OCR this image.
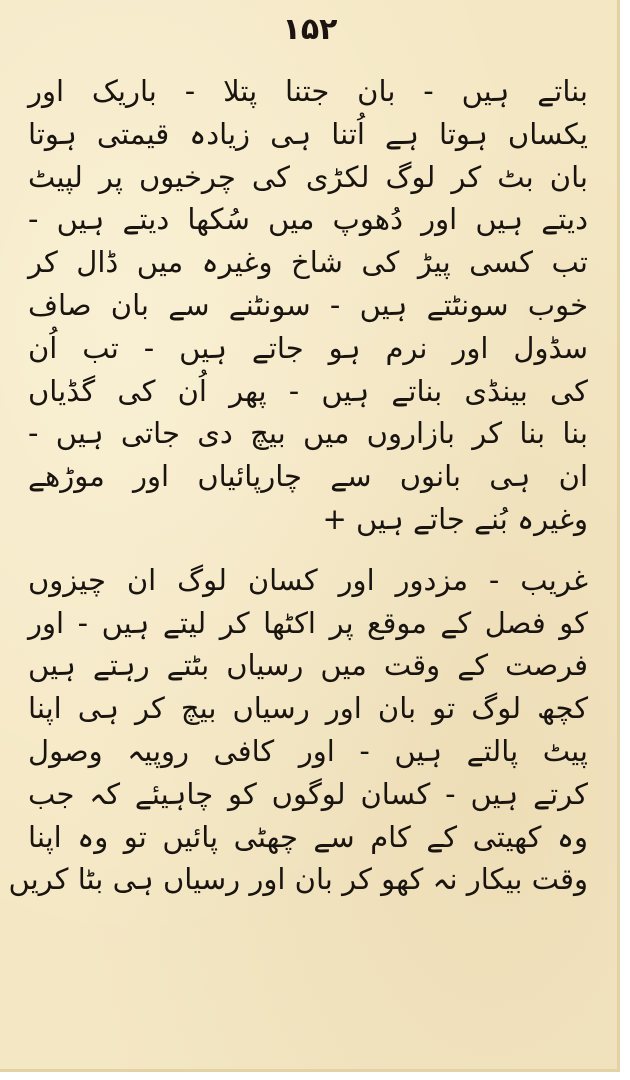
۱۵۲
بناتے ہیں - بان جتنا پتلا - باریک اور
یکساں ہوتا ہے اُتنا ہی زیادہ قیمتی ہوتا
بان بٹ کر لوگ لکڑی کی چرخیوں پر لپیٹ
دیتے ہیں اور دُھوپ میں سُکھا دیتے ہیں -
تب کسی پیڑ کی شاخ وغیرہ میں ڈال کر
خوب سونٹتے ہیں - سونٹنے سے بان صاف
سڈول اور نرم ہو جاتے ہیں - تب اُن
کی بینڈی بناتے ہیں - پھر اُن کی گڈیاں
بنا بنا کر بازاروں میں بیچ دی جاتی ہیں -
ان ہی بانوں سے چارپائیاں اور موڑھے
وغیرہ بُنے جاتے ہیں +
غریب - مزدور اور کسان لوگ ان چیزوں
کو فصل کے موقع پر اکٹھا کر لیتے ہیں - اور
فرصت کے وقت میں رسیاں بٹتے رہتے ہیں
کچھ لوگ تو بان اور رسیاں بیچ کر ہی اپنا
پیٹ پالتے ہیں - اور کافی روپیہ وصول
کرتے ہیں - کسان لوگوں کو چاہیئے کہ جب
وہ کھیتی کے کام سے چھٹی پائیں تو وہ اپنا
وقت بیکار نہ کھو کر بان اور رسیاں ہی بٹا کریں
